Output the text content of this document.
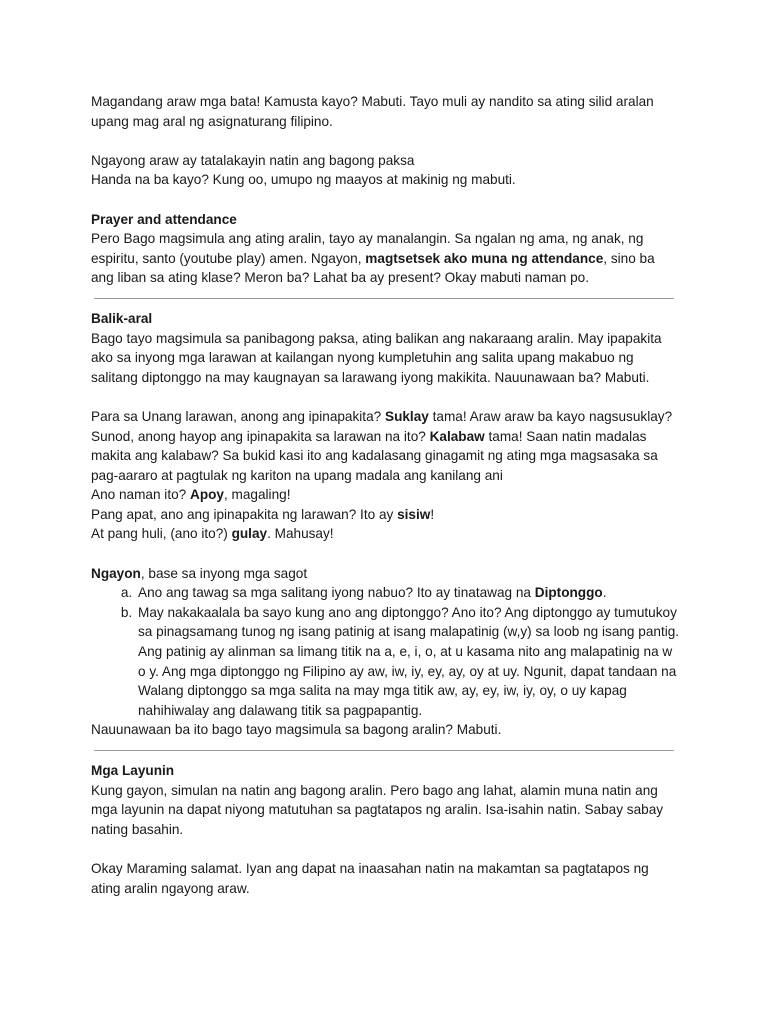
Magandang araw mga bata! Kamusta kayo? Mabuti. Tayo muli ay nandito sa ating silid aralan upang mag aral ng asignaturang filipino.

Ngayong araw ay tatalakayin natin ang bagong paksa

Handa na ba kayo? Kung oo, umupo ng maayos at makinig ng mabuti.

Prayer and attendance

Pero Bago magsimula ang ating aralin, tayo ay manalangin. Sa ngalan ng ama, ng anak, ng espiritu, santo (youtube play) amen. Ngayon, magtsetsek ako muna ng attendance, sino ba ang liban sa ating klase? Meron ba? Lahat ba ay present? Okay mabuti naman po.

Balik-aral

Bago tayo magsimula sa panibagong paksa, ating balikan ang nakaraang aralin. May ipapakita ako sa inyong mga larawan at kailangan nyong kumpletuhin ang salita upang makabuo ng salitang diptonggo na may kaugnayan sa larawang iyong makikita. Nauunawaan ba? Mabuti.

Para sa Unang larawan, anong ang ipinapakita? Suklay tama! Araw araw ba kayo nagsusuklay? Sunod, anong hayop ang ipinapakita sa larawan na ito? Kalabaw tama! Saan natin madalas makita ang kalabaw? Sa bukid kasi ito ang kadalasang ginagamit ng ating mga magsasaka sa pag-aararo at pagtulak ng kariton na upang madala ang kanilang ani

Ano naman ito? Apoy, magaling!

Pang apat, ano ang ipinapakita ng larawan? Ito ay sisiw!

At pang huli, (ano ito?) gulay. Mahusay!

Ngayon, base sa inyong mga sagot

a. Ano ang tawag sa mga salitang iyong nabuo? Ito ay tinatawag na Diptonggo.
b. May nakakaalala ba sayo kung ano ang diptonggo? Ano ito? Ang diptonggo ay tumutukoy sa pinagsamang tunog ng isang patinig at isang malapatinig (w,y) sa loob ng isang pantig. Ang patinig ay alinman sa limang titik na a, e, i, o, at u kasama nito ang malapatinig na w o y. Ang mga diptonggo ng Filipino ay aw, iw, iy, ey, ay, oy at uy. Ngunit, dapat tandaan na Walang diptonggo sa mga salita na may mga titik aw, ay, ey, iw, iy, oy, o uy kapag nahihiwalay ang dalawang titik sa pagpapantig.

Nauunawaan ba ito bago tayo magsimula sa bagong aralin? Mabuti.

Mga Layunin

Kung gayon, simulan na natin ang bagong aralin. Pero bago ang lahat, alamin muna natin ang mga layunin na dapat niyong matutuhan sa pagtatapos ng aralin. Isa-isahin natin. Sabay sabay nating basahin.

Okay Maraming salamat. Iyan ang dapat na inaasahan natin na makamtan sa pagtatapos ng ating aralin ngayong araw.
